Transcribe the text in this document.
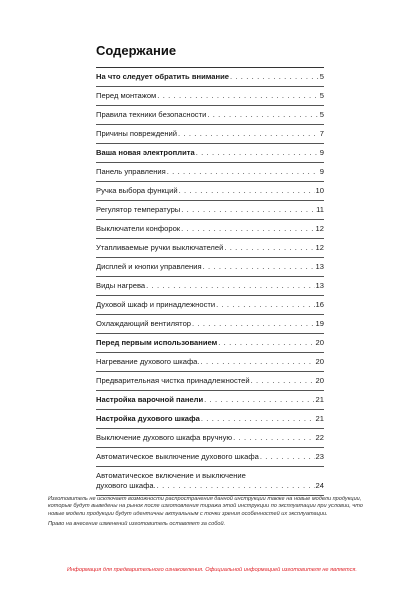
Содержание
На что следует обратить внимание . . .	5
Перед монтажом . . .	5
Правила техники безопасности . . .	5
Причины повреждений . . .	7
Ваша новая электроплита . . .	9
Панель управления . . .	9
Ручка выбора функций . . .	10
Регулятор температуры . . .	11
Выключатели конфорок . . .	12
Утапливаемые ручки выключателей . . .	12
Дисплей и кнопки управления . . .	13
Виды нагрева . . .	13
Духовой шкаф и принадлежности . . .	16
Охлаждающий вентилятор . . .	19
Перед первым использованием . . .	20
Нагревание духового шкафа. . . .	20
Предварительная чистка принадлежностей . . .	20
Настройка варочной панели . . .	21
Настройка духового шкафа . . .	21
Выключение духового шкафа вручную . . .	22
Автоматическое выключение духового шкафа . . .	23
Автоматическое включение и выключение
духового шкафа. . . .	24

Изготовитель не исключает возможности распространения данной инструкции также на новые модели продукции, которые будут выведены на рынок после изготовления тиража этой инструкции по эксплуатации при условии, что новые модели продукции будут идентичны актуальным с точки зрения особенностей их эксплуатации.

Право на внесение изменений изготовитель оставляет за собой.

Информация для предварительного ознакомления. Официальной информацией изготовителя не является.
